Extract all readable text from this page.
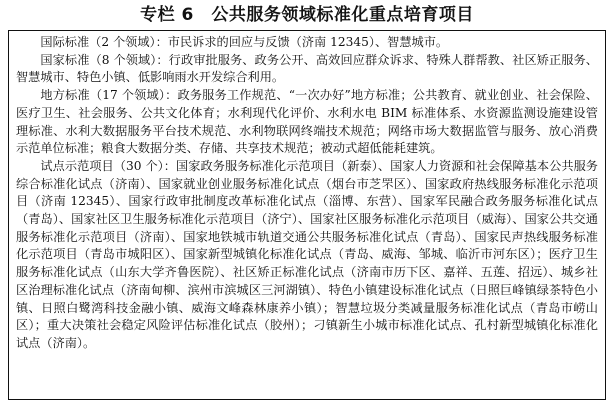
专栏 6　公共服务领域标准化重点培育项目

国际标准（2 个领域）：市民诉求的回应与反馈（济南 12345）、智慧城市。

国家标准（8 个领域）：行政审批服务、政务公开、高效回应群众诉求、特殊人群帮教、社区矫正服务、智慧城市、特色小镇、低影响雨水开发综合利用。

地方标准（17 个领域）：政务服务工作规范、“一次办好”地方标准；公共教育、就业创业、社会保险、医疗卫生、社会服务、公共文化体育；水利现代化评价、水利水电 BIM 标准体系、水资源监测设施建设管理标准、水利大数据服务平台技术规范、水利物联网终端技术规范；网络市场大数据监管与服务、放心消费示范单位标准；粮食大数据分类、存储、共享技术规范；被动式超低能耗建筑。

试点示范项目（30 个）：国家政务服务标准化示范项目（新泰）、国家人力资源和社会保障基本公共服务综合标准化试点（济南）、国家就业创业服务标准化试点（烟台市芝罘区）、国家政府热线服务标准化示范项目（济南 12345）、国家行政审批制度改革标准化试点（淄博、东营）、国家军民融合政务服务标准化试点（青岛）、国家社区卫生服务标准化示范项目（济宁）、国家社区服务标准化示范项目（威海）、国家公共交通服务标准化示范项目（济南）、国家地铁城市轨道交通公共服务标准化试点（青岛）、国家民声热线服务标准化示范项目（青岛市城阳区）、国家新型城镇化标准化试点（青岛、威海、邹城、临沂市河东区）；医疗卫生服务标准化试点（山东大学齐鲁医院）、社区矫正标准化试点（济南市历下区、嘉祥、五莲、招远）、城乡社区治理标准化试点（济南甸柳、滨州市滨城区三河湖镇）、特色小镇建设标准化试点（日照巨峰镇绿茶特色小镇、日照白鹭湾科技金融小镇、威海文峰森林康养小镇）；智慧垃圾分类减量服务标准化试点（青岛市崂山区）；重大决策社会稳定风险评估标准化试点（胶州）；刁镇新生小城市标准化试点、孔村新型城镇化标准化试点（济南）。
